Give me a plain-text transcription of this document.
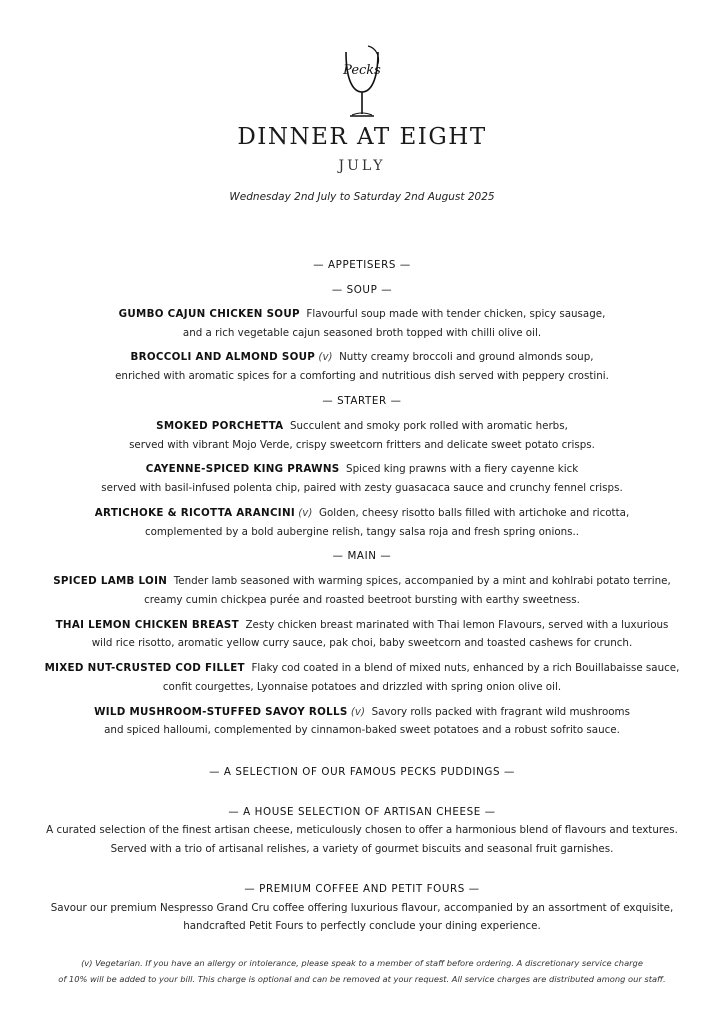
Pecks
DINNER AT EIGHT
JULY
Wednesday 2nd July to Saturday 2nd August 2025
— APPETISERS —
— SOUP —
GUMBO CAJUN CHICKEN SOUP Flavourful soup made with tender chicken, spicy sausage,
and a rich vegetable cajun seasoned broth topped with chilli olive oil.
BROCCOLI AND ALMOND SOUP (v) Nutty creamy broccoli and ground almonds soup,
enriched with aromatic spices for a comforting and nutritious dish served with peppery crostini.
— STARTER —
SMOKED PORCHETTA Succulent and smoky pork rolled with aromatic herbs,
served with vibrant Mojo Verde, crispy sweetcorn fritters and delicate sweet potato crisps.
CAYENNE-SPICED KING PRAWNS Spiced king prawns with a fiery cayenne kick
served with basil-infused polenta chip, paired with zesty guasacaca sauce and crunchy fennel crisps.
ARTICHOKE & RICOTTA ARANCINI (v) Golden, cheesy risotto balls filled with artichoke and ricotta,
complemented by a bold aubergine relish, tangy salsa roja and fresh spring onions..
— MAIN —
SPICED LAMB LOIN Tender lamb seasoned with warming spices, accompanied by a mint and kohlrabi potato terrine,
creamy cumin chickpea purée and roasted beetroot bursting with earthy sweetness.
THAI LEMON CHICKEN BREAST Zesty chicken breast marinated with Thai lemon Flavours, served with a luxurious
wild rice risotto, aromatic yellow curry sauce, pak choi, baby sweetcorn and toasted cashews for crunch.
MIXED NUT-CRUSTED COD FILLET Flaky cod coated in a blend of mixed nuts, enhanced by a rich Bouillabaisse sauce,
confit courgettes, Lyonnaise potatoes and drizzled with spring onion olive oil.
WILD MUSHROOM-STUFFED SAVOY ROLLS (v) Savory rolls packed with fragrant wild mushrooms
and spiced halloumi, complemented by cinnamon-baked sweet potatoes and a robust sofrito sauce.
— A SELECTION OF OUR FAMOUS PECKS PUDDINGS —
— A HOUSE SELECTION OF ARTISAN CHEESE —
A curated selection of the finest artisan cheese, meticulously chosen to offer a harmonious blend of flavours and textures.
Served with a trio of artisanal relishes, a variety of gourmet biscuits and seasonal fruit garnishes.
— PREMIUM COFFEE AND PETIT FOURS —
Savour our premium Nespresso Grand Cru coffee offering luxurious flavour, accompanied by an assortment of exquisite,
handcrafted Petit Fours to perfectly conclude your dining experience.
(v) Vegetarian. If you have an allergy or intolerance, please speak to a member of staff before ordering. A discretionary service charge
of 10% will be added to your bill. This charge is optional and can be removed at your request. All service charges are distributed among our staff.
